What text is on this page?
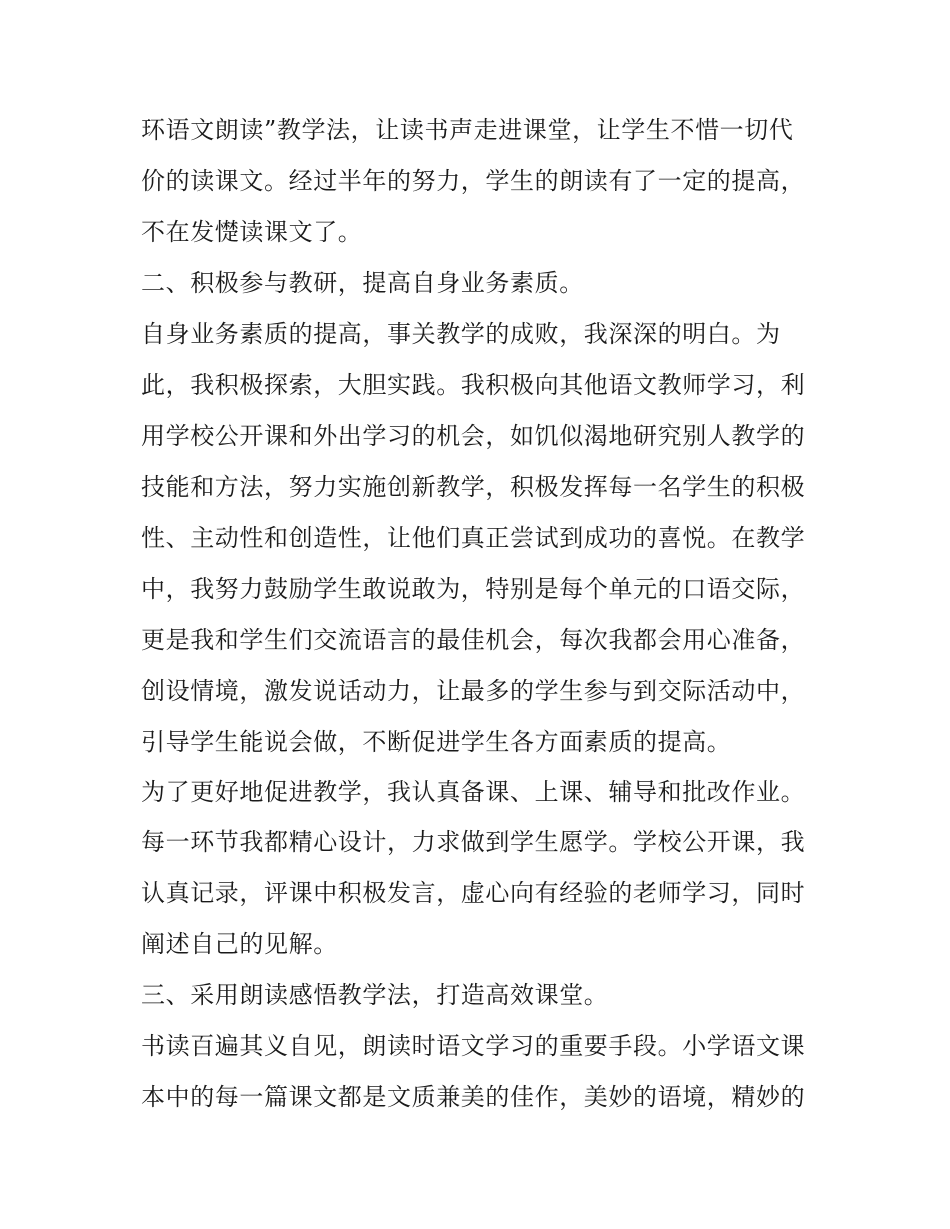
环语文朗读”教学法，让读书声走进课堂，让学生不惜一切代
价的读课文。经过半年的努力，学生的朗读有了一定的提高，
不在发憷读课文了。
二、积极参与教研，提高自身业务素质。
自身业务素质的提高，事关教学的成败，我深深的明白。为
此，我积极探索，大胆实践。我积极向其他语文教师学习，利
用学校公开课和外出学习的机会，如饥似渴地研究别人教学的
技能和方法，努力实施创新教学，积极发挥每一名学生的积极
性、主动性和创造性，让他们真正尝试到成功的喜悦。在教学
中，我努力鼓励学生敢说敢为，特别是每个单元的口语交际，
更是我和学生们交流语言的最佳机会，每次我都会用心准备，
创设情境，激发说话动力，让最多的学生参与到交际活动中，
引导学生能说会做，不断促进学生各方面素质的提高。
为了更好地促进教学，我认真备课、上课、辅导和批改作业。
每一环节我都精心设计，力求做到学生愿学。学校公开课，我
认真记录，评课中积极发言，虚心向有经验的老师学习，同时
阐述自己的见解。
三、采用朗读感悟教学法，打造高效课堂。
书读百遍其义自见，朗读时语文学习的重要手段。小学语文课
本中的每一篇课文都是文质兼美的佳作，美妙的语境，精妙的
